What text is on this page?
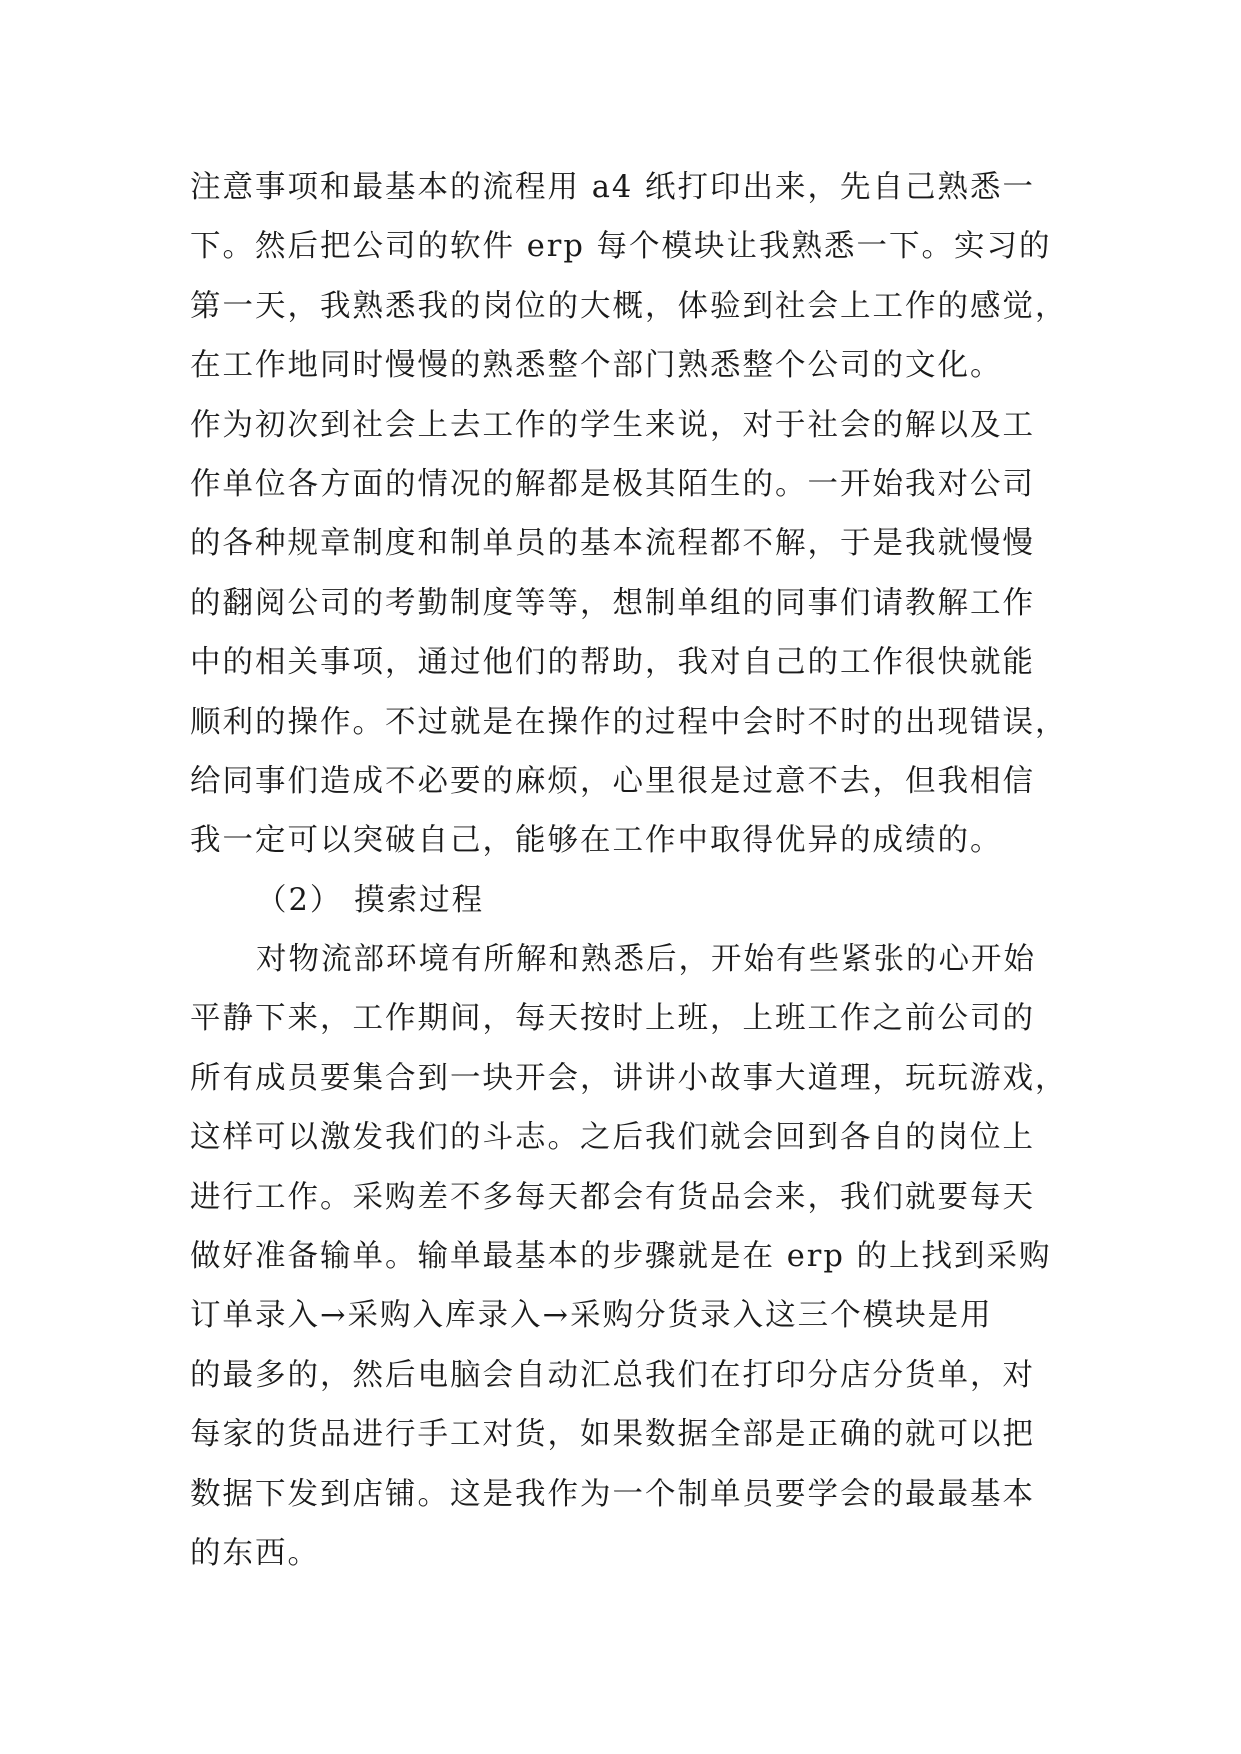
注意事项和最基本的流程用 a4 纸打印出来，先自己熟悉一
下。然后把公司的软件 erp 每个模块让我熟悉一下。实习的
第一天，我熟悉我的岗位的大概，体验到社会上工作的感觉，
在工作地同时慢慢的熟悉整个部门熟悉整个公司的文化。
作为初次到社会上去工作的学生来说，对于社会的解以及工
作单位各方面的情况的解都是极其陌生的。一开始我对公司
的各种规章制度和制单员的基本流程都不解，于是我就慢慢
的翻阅公司的考勤制度等等，想制单组的同事们请教解工作
中的相关事项，通过他们的帮助，我对自己的工作很快就能
顺利的操作。不过就是在操作的过程中会时不时的出现错误，
给同事们造成不必要的麻烦，心里很是过意不去，但我相信
我一定可以突破自己，能够在工作中取得优异的成绩的。
（2） 摸索过程
对物流部环境有所解和熟悉后，开始有些紧张的心开始
平静下来，工作期间，每天按时上班，上班工作之前公司的
所有成员要集合到一块开会，讲讲小故事大道理，玩玩游戏，
这样可以激发我们的斗志。之后我们就会回到各自的岗位上
进行工作。采购差不多每天都会有货品会来，我们就要每天
做好准备输单。输单最基本的步骤就是在 erp 的上找到采购
订单录入→采购入库录入→采购分货录入这三个模块是用
的最多的，然后电脑会自动汇总我们在打印分店分货单，对
每家的货品进行手工对货，如果数据全部是正确的就可以把
数据下发到店铺。这是我作为一个制单员要学会的最最基本
的东西。
